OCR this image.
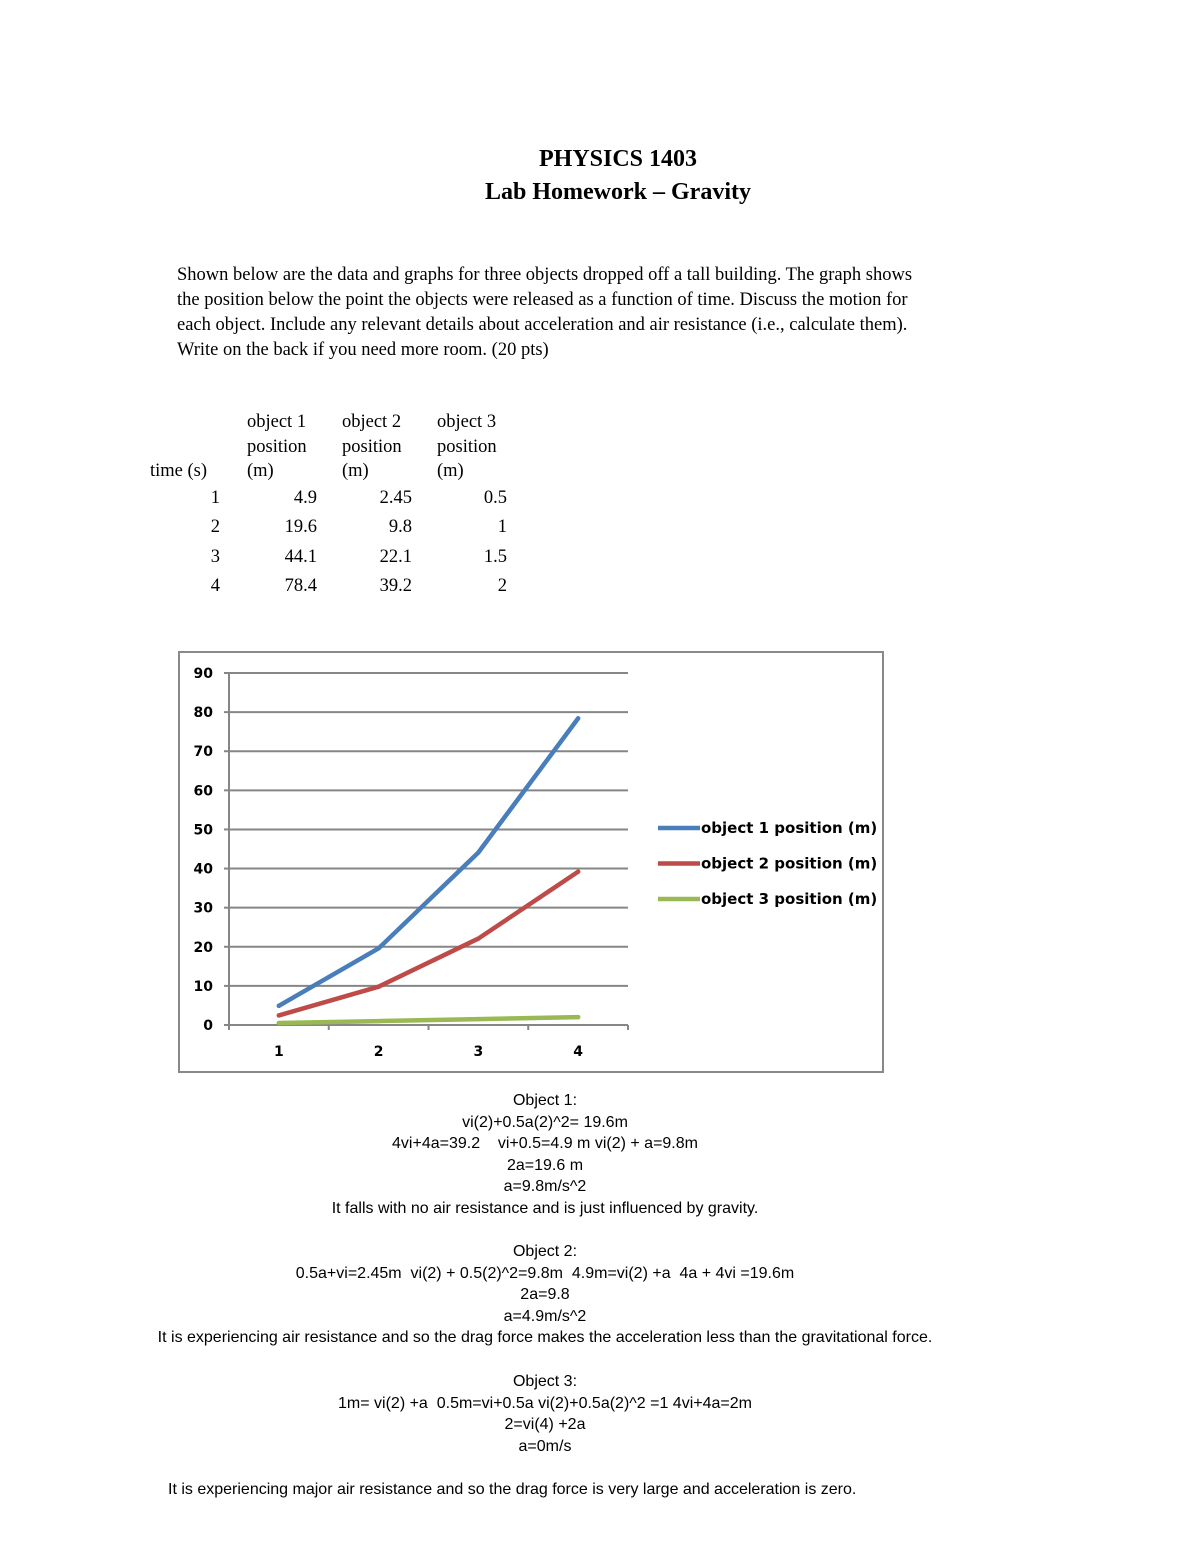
PHYSICS 1403
Lab Homework – Gravity

Shown below are the data and graphs for three objects dropped off a tall building. The graph shows

the position below the point the objects were released as a function of time. Discuss the motion for

each object. Include any relevant details about acceleration and air resistance (i.e., calculate them).

Write on the back if you need more room. (20 pts)

time (s)	object 1
position
(m)	object 2
position
(m)	object 3
position
(m)
1	4.9	2.45	0.5
2	19.6	9.8	1
3	44.1	22.1	1.5
4	78.4	39.2	2
0
10
20
30
40
50
60
70
80
90
1	2	3	4
object 1 position (m)
object 2 position (m)
object 3 position (m)

Object 1:

vi(2)+0.5a(2)^2= 19.6m

4vi+4a=39.2    vi+0.5=4.9 m vi(2) + a=9.8m

2a=19.6 m

a=9.8m/s^2

It falls with no air resistance and is just influenced by gravity.

Object 2:

0.5a+vi=2.45m  vi(2) + 0.5(2)^2=9.8m  4.9m=vi(2) +a  4a + 4vi =19.6m

2a=9.8

a=4.9m/s^2

It is experiencing air resistance and so the drag force makes the acceleration less than the gravitational force.

Object 3:

1m= vi(2) +a  0.5m=vi+0.5a vi(2)+0.5a(2)^2 =1 4vi+4a=2m

2=vi(4) +2a

a=0m/s

It is experiencing major air resistance and so the drag force is very large and acceleration is zero.
